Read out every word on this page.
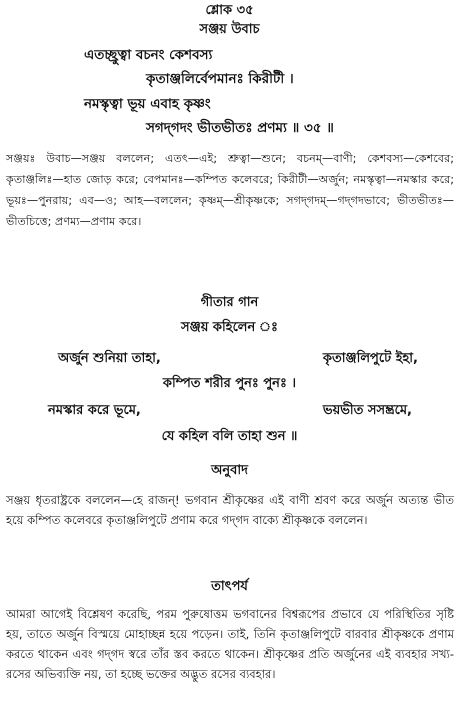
শ্লোক ৩৫
সঞ্জয় উবাচ
এতচ্ছ্রুত্বা বচনং কেশবস্য
কৃতাঞ্জলির্বেপমানঃ কিরীটী ।
নমস্কৃত্বা ভূয় এবাহ কৃষ্ণং
সগদ্‌গদং ভীতভীতঃ প্রণম্য ॥ ৩৫ ॥
সঞ্জয়ঃ উবাচ—সঞ্জয় বললেন; এতৎ—এই; শ্রুত্বা—শুনে; বচনম্—বাণী; কেশবস্য—কেশবের; কৃতাঞ্জলিঃ—হাত জোড় করে; বেপমানঃ—কম্পিত কলেবরে; কিরীটী—অর্জুন; নমস্কৃত্বা—নমস্কার করে; ভূয়ঃ—পুনরায়; এব—ও; আহ—বললেন; কৃষ্ণম্—শ্রীকৃষ্ণকে; সগদ্‌গদম্—গদ্‌গদভাবে; ভীতভীতঃ—ভীতচিত্তে; প্রণম্য—প্রণাম করে।
গীতার গান
সঞ্জয় কহিলেন ঃ
অর্জুন শুনিয়া তাহা,	কৃতাঞ্জলিপুটে ইহা,
কম্পিত শরীর পুনঃ পুনঃ ।
নমস্কার করে ভূমে,	ভয়ভীত সসম্ভ্রমে,
যে কহিল বলি তাহা শুন ॥
অনুবাদ
সঞ্জয় ধৃতরাষ্ট্রকে বললেন—হে রাজন্! ভগবান শ্রীকৃষ্ণের এই বাণী শ্রবণ করে অর্জুন অত্যন্ত ভীত হয়ে কম্পিত কলেবরে কৃতাঞ্জলিপুটে প্রণাম করে গদ্‌গদ বাক্যে শ্রীকৃষ্ণকে বললেন।
তাৎপর্য
আমরা আগেই বিশ্লেষণ করেছি, পরম পুরুষোত্তম ভগবানের বিশ্বরূপের প্রভাবে যে পরিস্থিতির সৃষ্টি হয়, তাতে অর্জুন বিস্ময়ে মোহাচ্ছন্ন হয়ে পড়েন। তাই, তিনি কৃতাঞ্জলিপুটে বারবার শ্রীকৃষ্ণকে প্রণাম করতে থাকেন এবং গদ্‌গদ স্বরে তাঁর স্তব করতে থাকেন। শ্রীকৃষ্ণের প্রতি অর্জুনের এই ব্যবহার সখ্য-রসের অভিব্যক্তি নয়, তা হচ্ছে ভক্তের অদ্ভুত রসের ব্যবহার।
